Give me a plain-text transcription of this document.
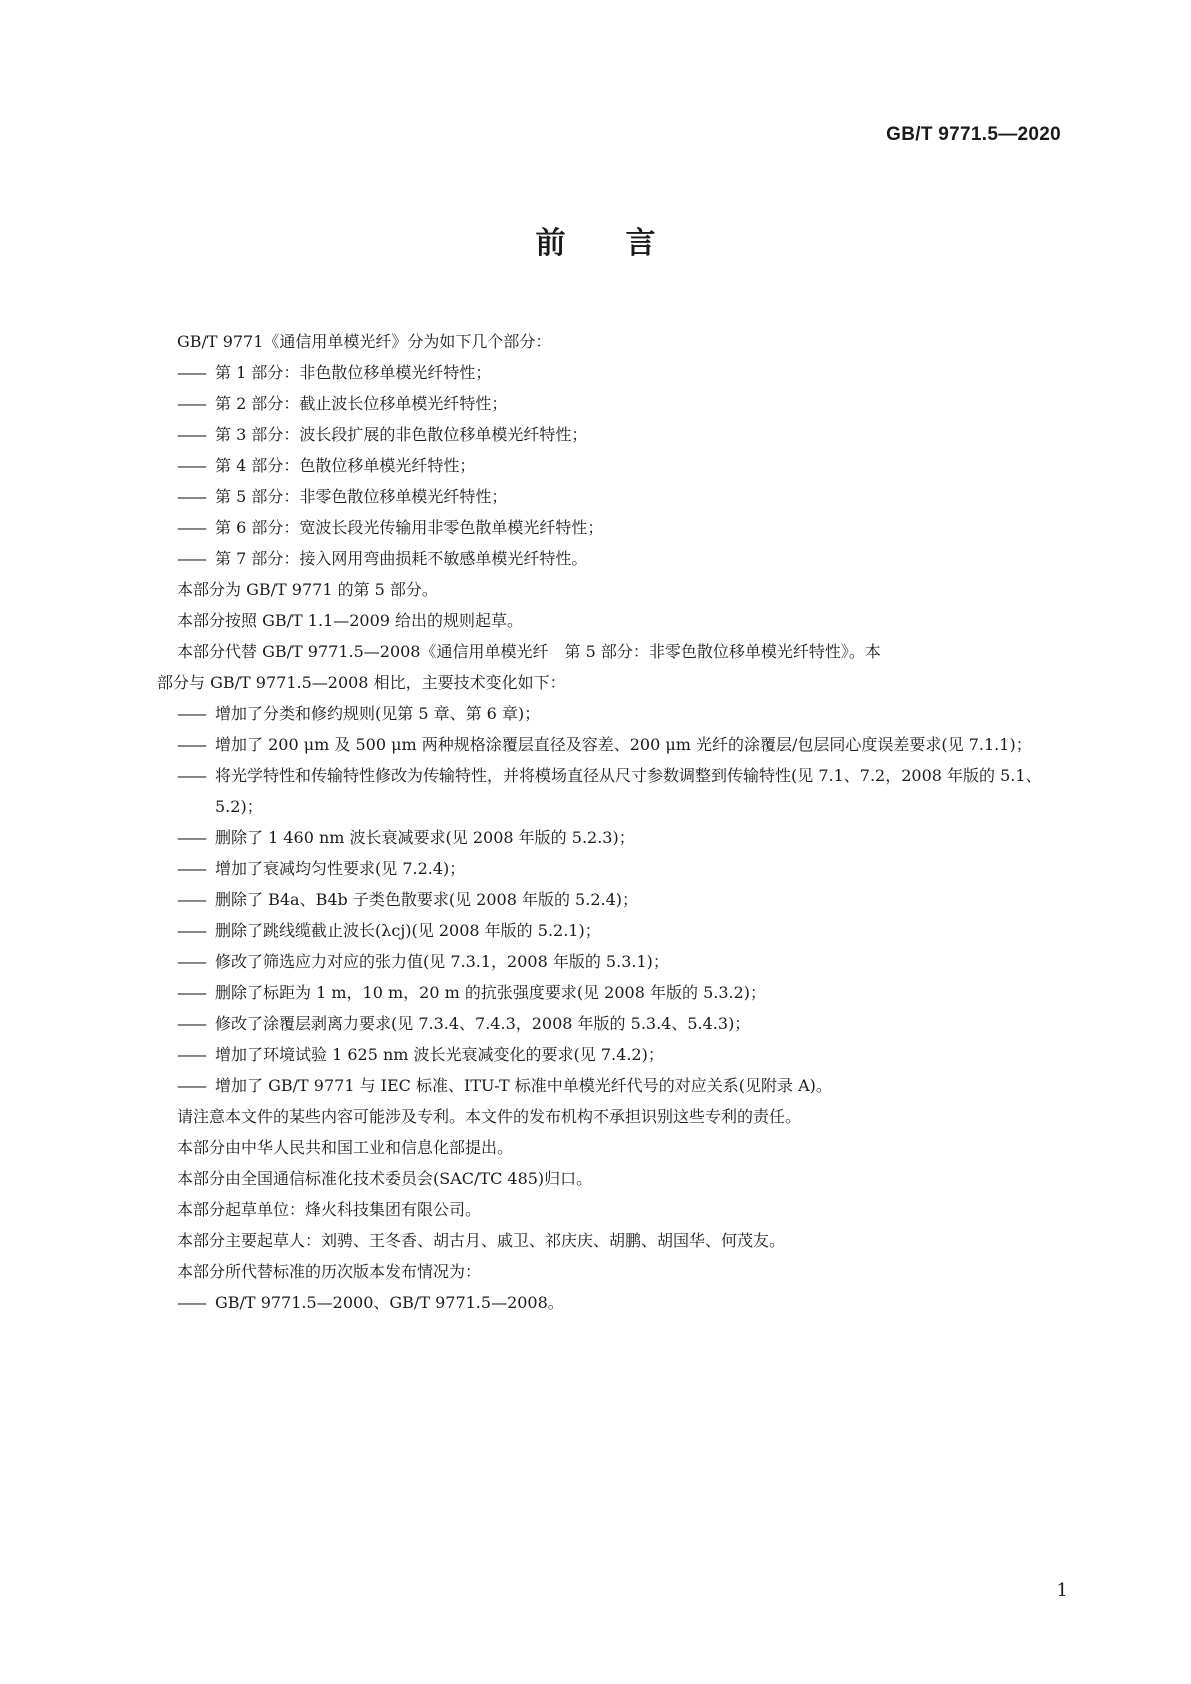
GB/T 9771.5—2020
前言
GB/T 9771《通信用单模光纤》分为如下几个部分：
—— 第 1 部分：非色散位移单模光纤特性；
—— 第 2 部分：截止波长位移单模光纤特性；
—— 第 3 部分：波长段扩展的非色散位移单模光纤特性；
—— 第 4 部分：色散位移单模光纤特性；
—— 第 5 部分：非零色散位移单模光纤特性；
—— 第 6 部分：宽波长段光传输用非零色散单模光纤特性；
—— 第 7 部分：接入网用弯曲损耗不敏感单模光纤特性。
本部分为 GB/T 9771 的第 5 部分。
本部分按照 GB/T 1.1—2009 给出的规则起草。
本部分代替 GB/T 9771.5—2008《通信用单模光纤　第 5 部分：非零色散位移单模光纤特性》。本
部分与 GB/T 9771.5—2008 相比，主要技术变化如下：
—— 增加了分类和修约规则(见第 5 章、第 6 章)；
—— 增加了 200 μm 及 500 μm 两种规格涂覆层直径及容差、200 μm 光纤的涂覆层/包层同心度误差要求(见 7.1.1)；
—— 将光学特性和传输特性修改为传输特性，并将模场直径从尺寸参数调整到传输特性(见 7.1、7.2，2008 年版的 5.1、5.2)；
—— 删除了 1 460 nm 波长衰减要求(见 2008 年版的 5.2.3)；
—— 增加了衰减均匀性要求(见 7.2.4)；
—— 删除了 B4a、B4b 子类色散要求(见 2008 年版的 5.2.4)；
—— 删除了跳线缆截止波长(λcj)(见 2008 年版的 5.2.1)；
—— 修改了筛选应力对应的张力值(见 7.3.1，2008 年版的 5.3.1)；
—— 删除了标距为 1 m，10 m，20 m 的抗张强度要求(见 2008 年版的 5.3.2)；
—— 修改了涂覆层剥离力要求(见 7.3.4、7.4.3，2008 年版的 5.3.4、5.4.3)；
—— 增加了环境试验 1 625 nm 波长光衰减变化的要求(见 7.4.2)；
—— 增加了 GB/T 9771 与 IEC 标准、ITU-T 标准中单模光纤代号的对应关系(见附录 A)。
请注意本文件的某些内容可能涉及专利。本文件的发布机构不承担识别这些专利的责任。
本部分由中华人民共和国工业和信息化部提出。
本部分由全国通信标准化技术委员会(SAC/TC 485)归口。
本部分起草单位：烽火科技集团有限公司。
本部分主要起草人：刘骋、王冬香、胡古月、戚卫、祁庆庆、胡鹏、胡国华、何茂友。
本部分所代替标准的历次版本发布情况为：
—— GB/T 9771.5—2000、GB/T 9771.5—2008。
1
